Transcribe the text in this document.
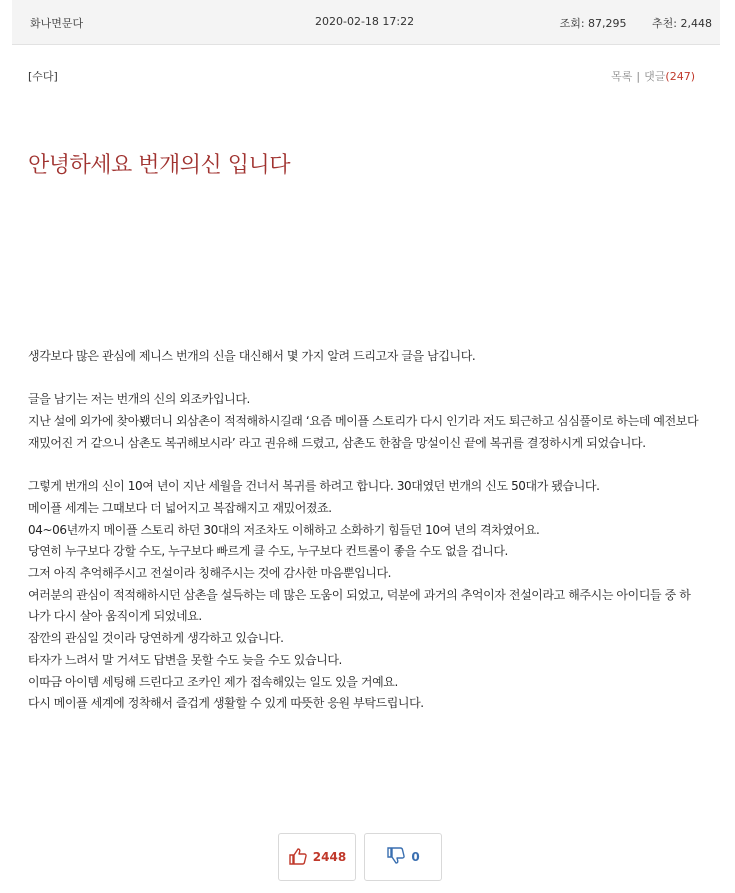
화나면문다	2020-02-18 17:22	조회: 87,295 추천: 2,448
[수다]	목록 | 댓글(247)
안녕하세요 번개의신 입니다

생각보다 많은 관심에 제니스 번개의 신을 대신해서 몇 가지 알려 드리고자 글을 남깁니다.

글을 남기는 저는 번개의 신의 외조카입니다.

지난 설에 외가에 찾아뵀더니 외삼촌이 적적해하시길래 ‘요즘 메이플 스토리가 다시 인기라 저도 퇴근하고 심심풀이로 하는데 예전보다 재밌어진 거 같으니 삼촌도 복귀해보시라’ 라고 권유해 드렸고, 삼촌도 한참을 망설이신 끝에 복귀를 결정하시게 되었습니다.

그렇게 번개의 신이 10여 년이 지난 세월을 건너서 복귀를 하려고 합니다. 30대였던 번개의 신도 50대가 됐습니다.

메이플 세계는 그때보다 더 넓어지고 복잡해지고 재밌어졌죠.

04~06년까지 메이플 스토리 하던 30대의 저조차도 이해하고 소화하기 힘들던 10여 년의 격차였어요.

당연히 누구보다 강할 수도, 누구보다 빠르게 클 수도, 누구보다 컨트롤이 좋을 수도 없을 겁니다.

그저 아직 추억해주시고 전설이라 칭해주시는 것에 감사한 마음뿐입니다.

여러분의 관심이 적적해하시던 삼촌을 설득하는 데 많은 도움이 되었고, 덕분에 과거의 추억이자 전설이라고 해주시는 아이디들 중 하나가 다시 살아 움직이게 되었네요.

잠깐의 관심일 것이라 당연하게 생각하고 있습니다.

타자가 느려서 말 거셔도 답변을 못할 수도 늦을 수도 있습니다.

이따금 아이템 세팅해 드린다고 조카인 제가 접속해있는 일도 있을 거예요.

다시 메이플 세계에 정착해서 즐겁게 생활할 수 있게 따뜻한 응원 부탁드립니다.

2448	0
